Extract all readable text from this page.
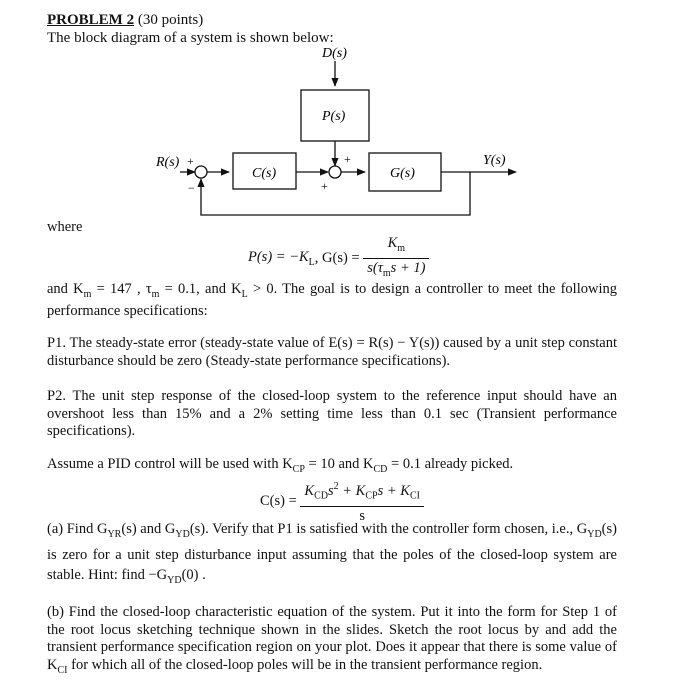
PROBLEM 2 (30 points)
The block diagram of a system is shown below:
D(s)
P(s)
R(s) +
−
C(s)
+
+
G(s)
Y(s)
where
$P(s) = -K_L$, $G(s) = \frac{K_m}{s(\tau_ms + 1)}$
and $K_m = 147$ , $\tau_m = 0.1$, and $K_L > 0$. The goal is to design a controller to meet the following performance specifications:
P1. The steady-state error (steady-state value of E(s) = R(s) − Y(s)) caused by a unit step constant disturbance should be zero (Steady-state performance specifications).
P2. The unit step response of the closed-loop system to the reference input should have an overshoot less than 15% and a 2% setting time less than 0.1 sec (Transient performance specifications).
Assume a PID control will be used with $K_{CP} = 10$ and $K_{CD} = 0.1$ already picked.
$C(s) = \frac{K_{CD}s^2 + K_{CP}s + K_{CI}}{s}$
(a) Find $G_{YR}(s)$ and $G_{YD}(s)$. Verify that P1 is satisfied with the controller form chosen, i.e., $G_{YD}(s)$ is zero for a unit step disturbance input assuming that the poles of the closed-loop system are stable. Hint: find $-G_{YD}(0)$ .
(b) Find the closed-loop characteristic equation of the system. Put it into the form for Step 1 of the root locus sketching technique shown in the slides. Sketch the root locus by and add the transient performance specification region on your plot. Does it appear that there is some value of $K_{CI}$ for which all of the closed-loop poles will be in the transient performance region.
